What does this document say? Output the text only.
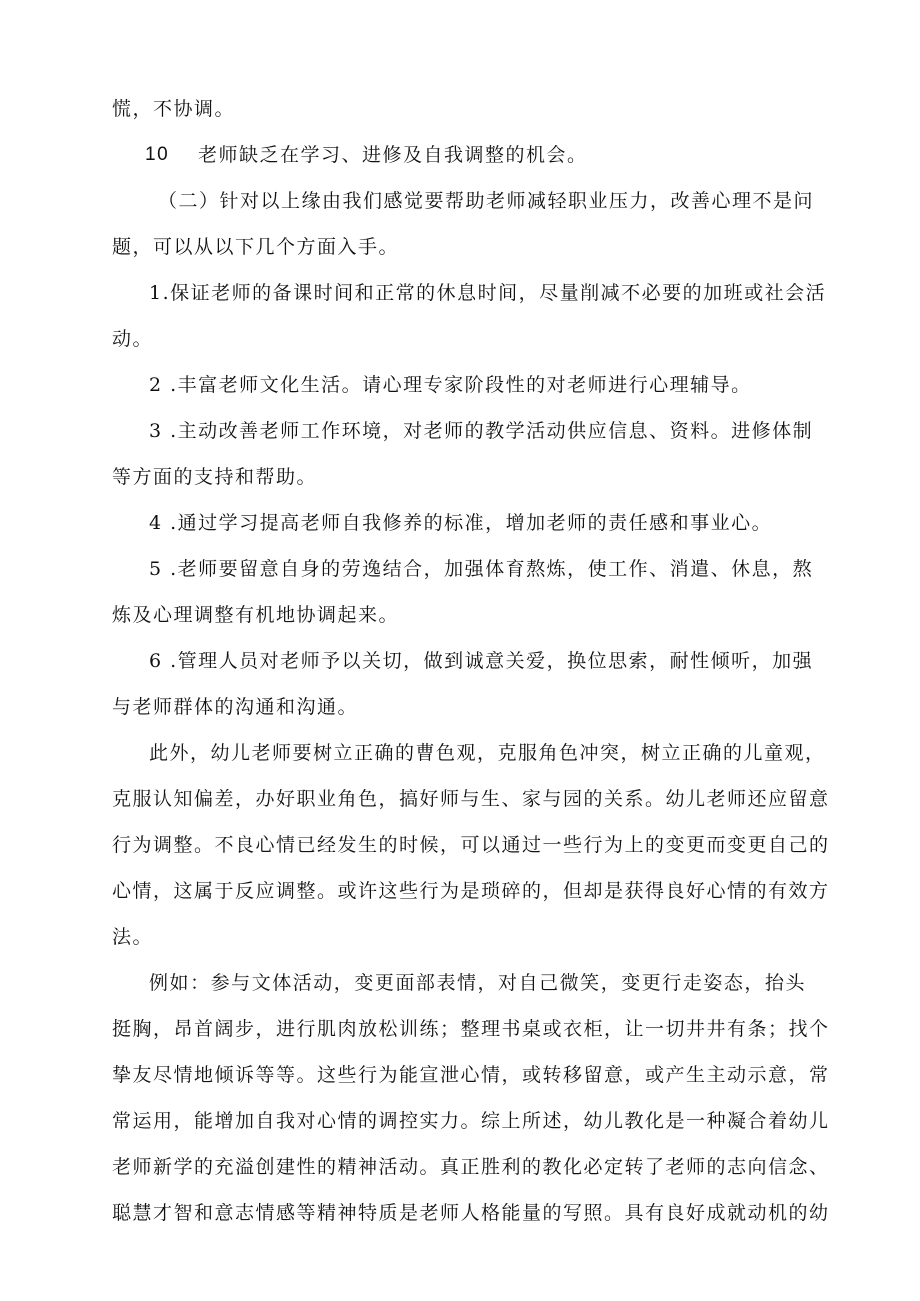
慌，不协调。
10 老师缺乏在学习、进修及自我调整的机会。
（二）针对以上缘由我们感觉要帮助老师减轻职业压力，改善心理不是问
题，可以从以下几个方面入手。
1.保证老师的备课时间和正常的休息时间，尽量削减不必要的加班或社会活
动。
2 .丰富老师文化生活。请心理专家阶段性的对老师进行心理辅导。
3 .主动改善老师工作环境，对老师的教学活动供应信息、资料。进修体制
等方面的支持和帮助。
4 .通过学习提高老师自我修养的标准，增加老师的责任感和事业心。
5 .老师要留意自身的劳逸结合，加强体育熬炼，使工作、消遣、休息，熬
炼及心理调整有机地协调起来。
6 .管理人员对老师予以关切，做到诚意关爱，换位思索，耐性倾听，加强
与老师群体的沟通和沟通。
此外，幼儿老师要树立正确的曹色观，克服角色冲突，树立正确的儿童观，
克服认知偏差，办好职业角色，搞好师与生、家与园的关系。幼儿老师还应留意
行为调整。不良心情已经发生的时候，可以通过一些行为上的变更而变更自己的
心情，这属于反应调整。或许这些行为是琐碎的，但却是获得良好心情的有效方
法。
例如：参与文体活动，变更面部表情，对自己微笑，变更行走姿态，抬头
挺胸，昂首阔步，进行肌肉放松训练；整理书桌或衣柜，让一切井井有条；找个
挚友尽情地倾诉等等。这些行为能宣泄心情，或转移留意，或产生主动示意，常
常运用，能增加自我对心情的调控实力。综上所述，幼儿教化是一种凝合着幼儿
老师新学的充溢创建性的精神活动。真正胜利的教化必定转了老师的志向信念、
聪慧才智和意志情感等精神特质是老师人格能量的写照。具有良好成就动机的幼
